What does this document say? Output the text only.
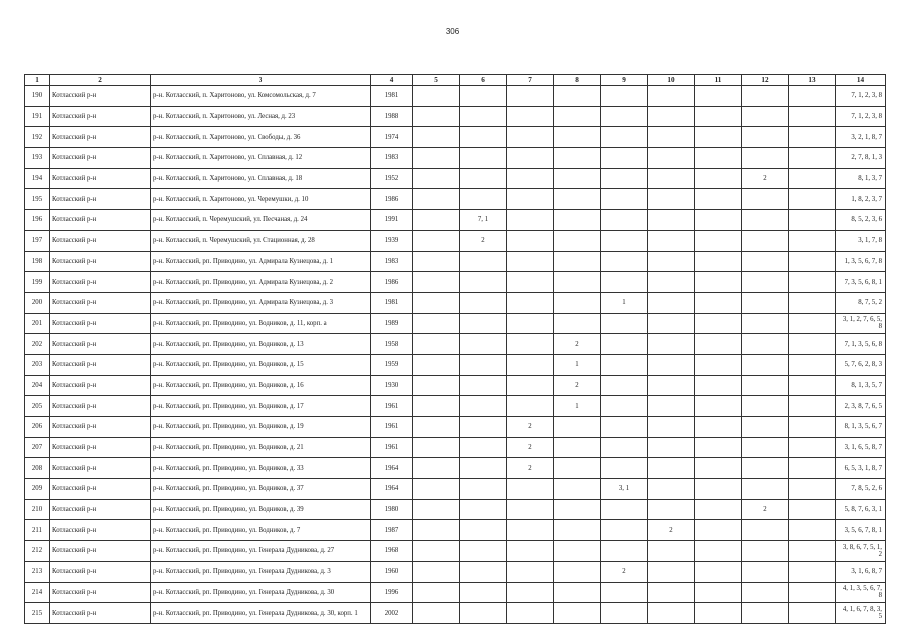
306
1	2	3	4	5	6	7	8	9	10	11	12	13	14
190	Котласский р-н	р-н. Котласский, п. Харитоново, ул. Комсомольская, д. 7	1981										7, 1, 2, 3, 8
191	Котласский р-н	р-н. Котласский, п. Харитоново, ул. Лесная, д. 23	1988										7, 1, 2, 3, 8
192	Котласский р-н	р-н. Котласский, п. Харитоново, ул. Свободы, д. 36	1974										3, 2, 1, 8, 7
193	Котласский р-н	р-н. Котласский, п. Харитоново, ул. Сплавная, д. 12	1983										2, 7, 8, 1, 3
194	Котласский р-н	р-н. Котласский, п. Харитоново, ул. Сплавная, д. 18	1952								2		8, 1, 3, 7
195	Котласский р-н	р-н. Котласский, п. Харитоново, ул. Черемушки, д. 10	1986										1, 8, 2, 3, 7
196	Котласский р-н	р-н. Котласский, п. Черемушский, ул. Песчаная, д. 24	1991		7, 1								8, 5, 2, 3, 6
197	Котласский р-н	р-н. Котласский, п. Черемушский, ул. Стационная, д. 28	1939		2								3, 1, 7, 8
198	Котласский р-н	р-н. Котласский, рп. Приводино, ул. Адмирала Кузнецова, д. 1	1983										1, 3, 5, 6, 7, 8
199	Котласский р-н	р-н. Котласский, рп. Приводино, ул. Адмирала Кузнецова, д. 2	1986										7, 3, 5, 6, 8, 1
200	Котласский р-н	р-н. Котласский, рп. Приводино, ул. Адмирала Кузнецова, д. 3	1981					1					8, 7, 5, 2
201	Котласский р-н	р-н. Котласский, рп. Приводино, ул. Водников, д. 11, корп. а	1989										3, 1, 2, 7, 6, 5, 8
202	Котласский р-н	р-н. Котласский, рп. Приводино, ул. Водников, д. 13	1958				2						7, 1, 3, 5, 6, 8
203	Котласский р-н	р-н. Котласский, рп. Приводино, ул. Водников, д. 15	1959				1						5, 7, 6, 2, 8, 3
204	Котласский р-н	р-н. Котласский, рп. Приводино, ул. Водников, д. 16	1930				2						8, 1, 3, 5, 7
205	Котласский р-н	р-н. Котласский, рп. Приводино, ул. Водников, д. 17	1961				1						2, 3, 8, 7, 6, 5
206	Котласский р-н	р-н. Котласский, рп. Приводино, ул. Водников, д. 19	1961			2							8, 1, 3, 5, 6, 7
207	Котласский р-н	р-н. Котласский, рп. Приводино, ул. Водников, д. 21	1961			2							3, 1, 6, 5, 8, 7
208	Котласский р-н	р-н. Котласский, рп. Приводино, ул. Водников, д. 33	1964			2							6, 5, 3, 1, 8, 7
209	Котласский р-н	р-н. Котласский, рп. Приводино, ул. Водников, д. 37	1964					3, 1					7, 8, 5, 2, 6
210	Котласский р-н	р-н. Котласский, рп. Приводино, ул. Водников, д. 39	1980								2		5, 8, 7, 6, 3, 1
211	Котласский р-н	р-н. Котласский, рп. Приводино, ул. Водников, д. 7	1987						2				3, 5, 6, 7, 8, 1
212	Котласский р-н	р-н. Котласский, рп. Приводино, ул. Генерала Дудникова, д. 27	1968										3, 8, 6, 7, 5, 1, 2
213	Котласский р-н	р-н. Котласский, рп. Приводино, ул. Генерала Дудникова, д. 3	1960					2					3, 1, 6, 8, 7
214	Котласский р-н	р-н. Котласский, рп. Приводино, ул. Генерала Дудникова, д. 30	1996										4, 1, 3, 5, 6, 7, 8
215	Котласский р-н	р-н. Котласский, рп. Приводино, ул. Генерала Дудникова, д. 30, корп. 1	2002										4, 1, 6, 7, 8, 3, 5
